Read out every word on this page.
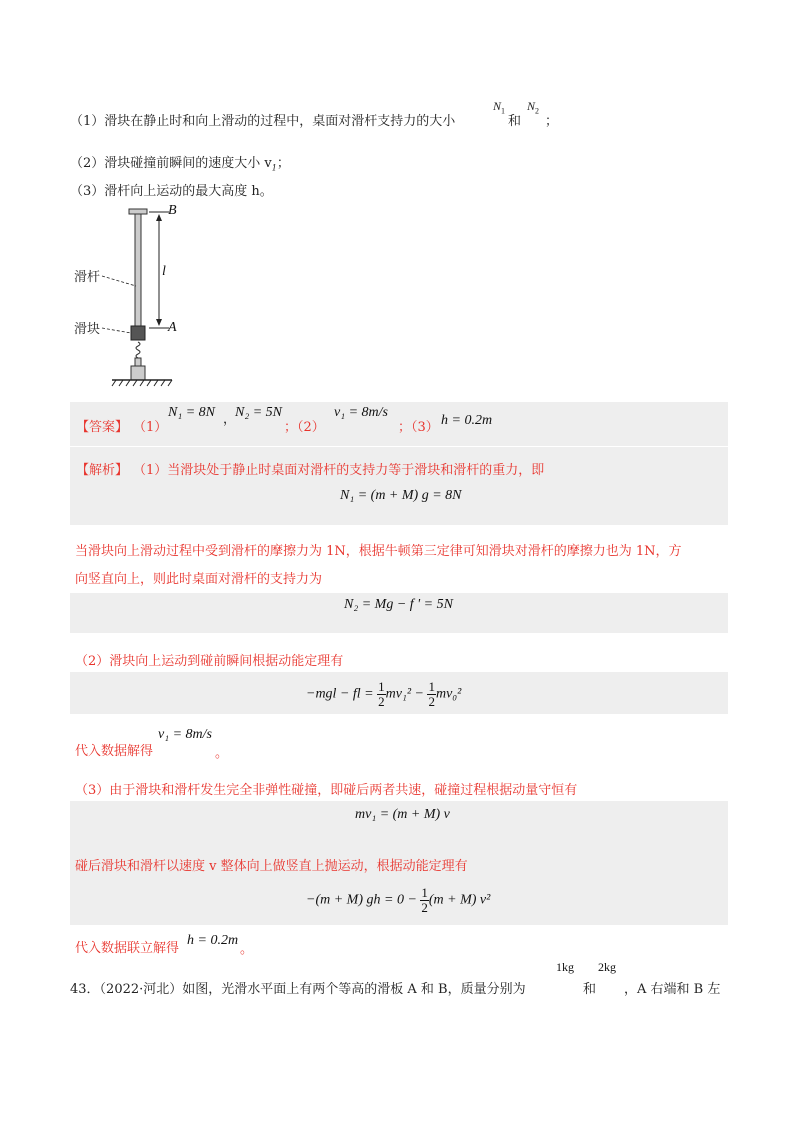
（1）滑块在静止时和向上滑动的过程中，桌面对滑杆支持力的大小
$N_1$
和
$N_2$
；
（2）滑块碰撞前瞬间的速度大小 $v_1$；
（3）滑杆向上运动的最大高度 h。
滑杆
滑块
B
A
l
【答案】 （1）
N₁ = 8N ，
N₂ = 5N
；（2）
v₁ = 8m/s
；（3） h = 0.2m
【解析】 （1）当滑块处于静止时桌面对滑杆的支持力等于滑块和滑杆的重力，即
N₁ = (m + M) g = 8N
当滑块向上滑动过程中受到滑杆的摩擦力为 1N，根据牛顿第三定律可知滑块对滑杆的摩擦力也为 1N，方
向竖直向上，则此时桌面对滑杆的支持力为
N₂ = Mg − f ' = 5N
（2）滑块向上运动到碰前瞬间根据动能定理有
−mgl − fl = $\frac{1}{2} mv_1^2 - \frac{1}{2} mv_0^2$
代入数据解得
v₁ = 8m/s
。
（3）由于滑块和滑杆发生完全非弹性碰撞，即碰后两者共速，碰撞过程根据动量守恒有
mv₁ = (m + M) v
碰后滑块和滑杆以速度 v 整体向上做竖直上抛运动，根据动能定理有
−(m + M) gh = $0 - \frac{1}{2} (m + M)$ v²
代入数据联立解得
h = 0.2m
。
43．（2022·河北）如图，光滑水平面上有两个等高的滑板 A 和 B，质量分别为
1kg
和
2kg
，A 右端和 B 左
